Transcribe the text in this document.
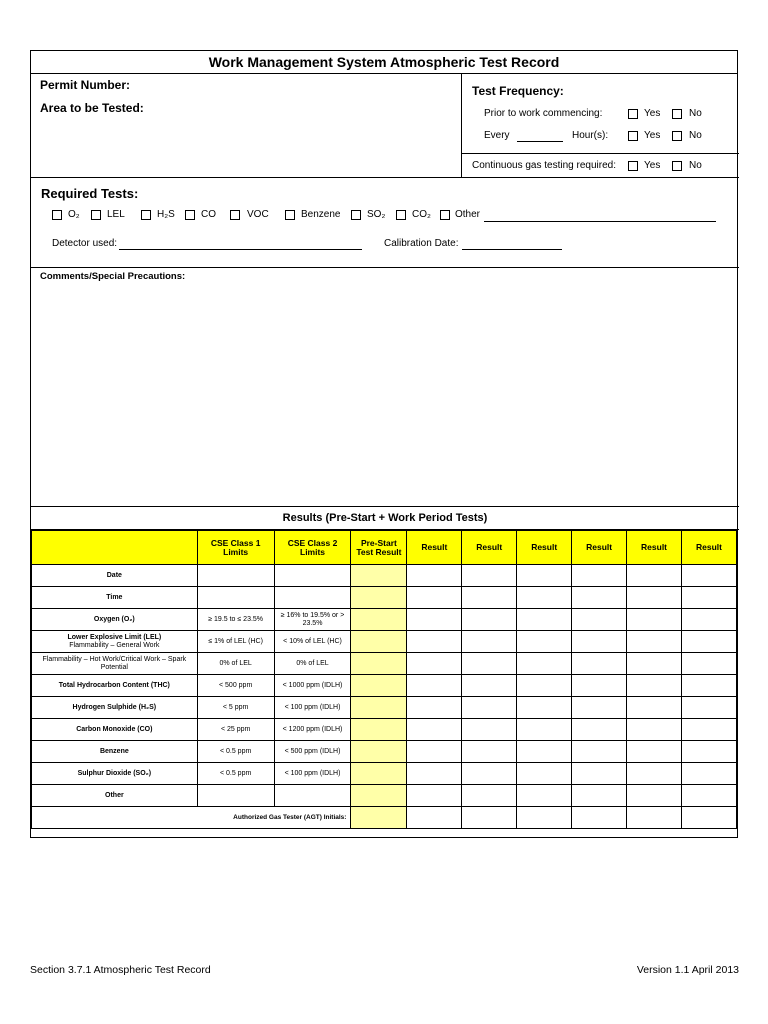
Work Management System Atmospheric Test Record
Permit Number:
Area to be Tested:
Test Frequency:
Prior to work commencing:	Yes	No
Every	Hour(s):	Yes	No
Continuous gas testing required:	Yes	No
Required Tests:
O₂	LEL	H₂S	CO	VOC	Benzene	SO₂	CO₂ Other
Detector used:	Calibration Date:
Comments/Special Precautions:
Results (Pre-Start + Work Period Tests)
	CSE Class 1 Limits	CSE Class 2 Limits	Pre-Start Test Result	Result	Result	Result	Result	Result	Result

Date									

Time									

Oxygen (O₂)	≥ 19.5 to ≤ 23.5%	≥ 16% to 19.5% or > 23.5%							

Lower Explosive Limit (LEL)
Flammability – General Work	≤ 1% of LEL (HC)	< 10% of LEL (HC)							

Flammability – Hot Work/Critical Work – Spark Potential	0% of LEL	0% of LEL							

Total Hydrocarbon Content (THC)	< 500 ppm	< 1000 ppm (IDLH)							

Hydrogen Sulphide (H₂S)	< 5 ppm	< 100 ppm (IDLH)							

Carbon Monoxide (CO)	< 25 ppm	< 1200 ppm (IDLH)							

Benzene	< 0.5 ppm	< 500 ppm (IDLH)							

Sulphur Dioxide (SO₂)	< 0.5 ppm	< 100 ppm (IDLH)							

Other									

Authorized Gas Tester (AGT) Initials:									
Section 3.7.1 Atmospheric Test Record	Version 1.1 April 2013
